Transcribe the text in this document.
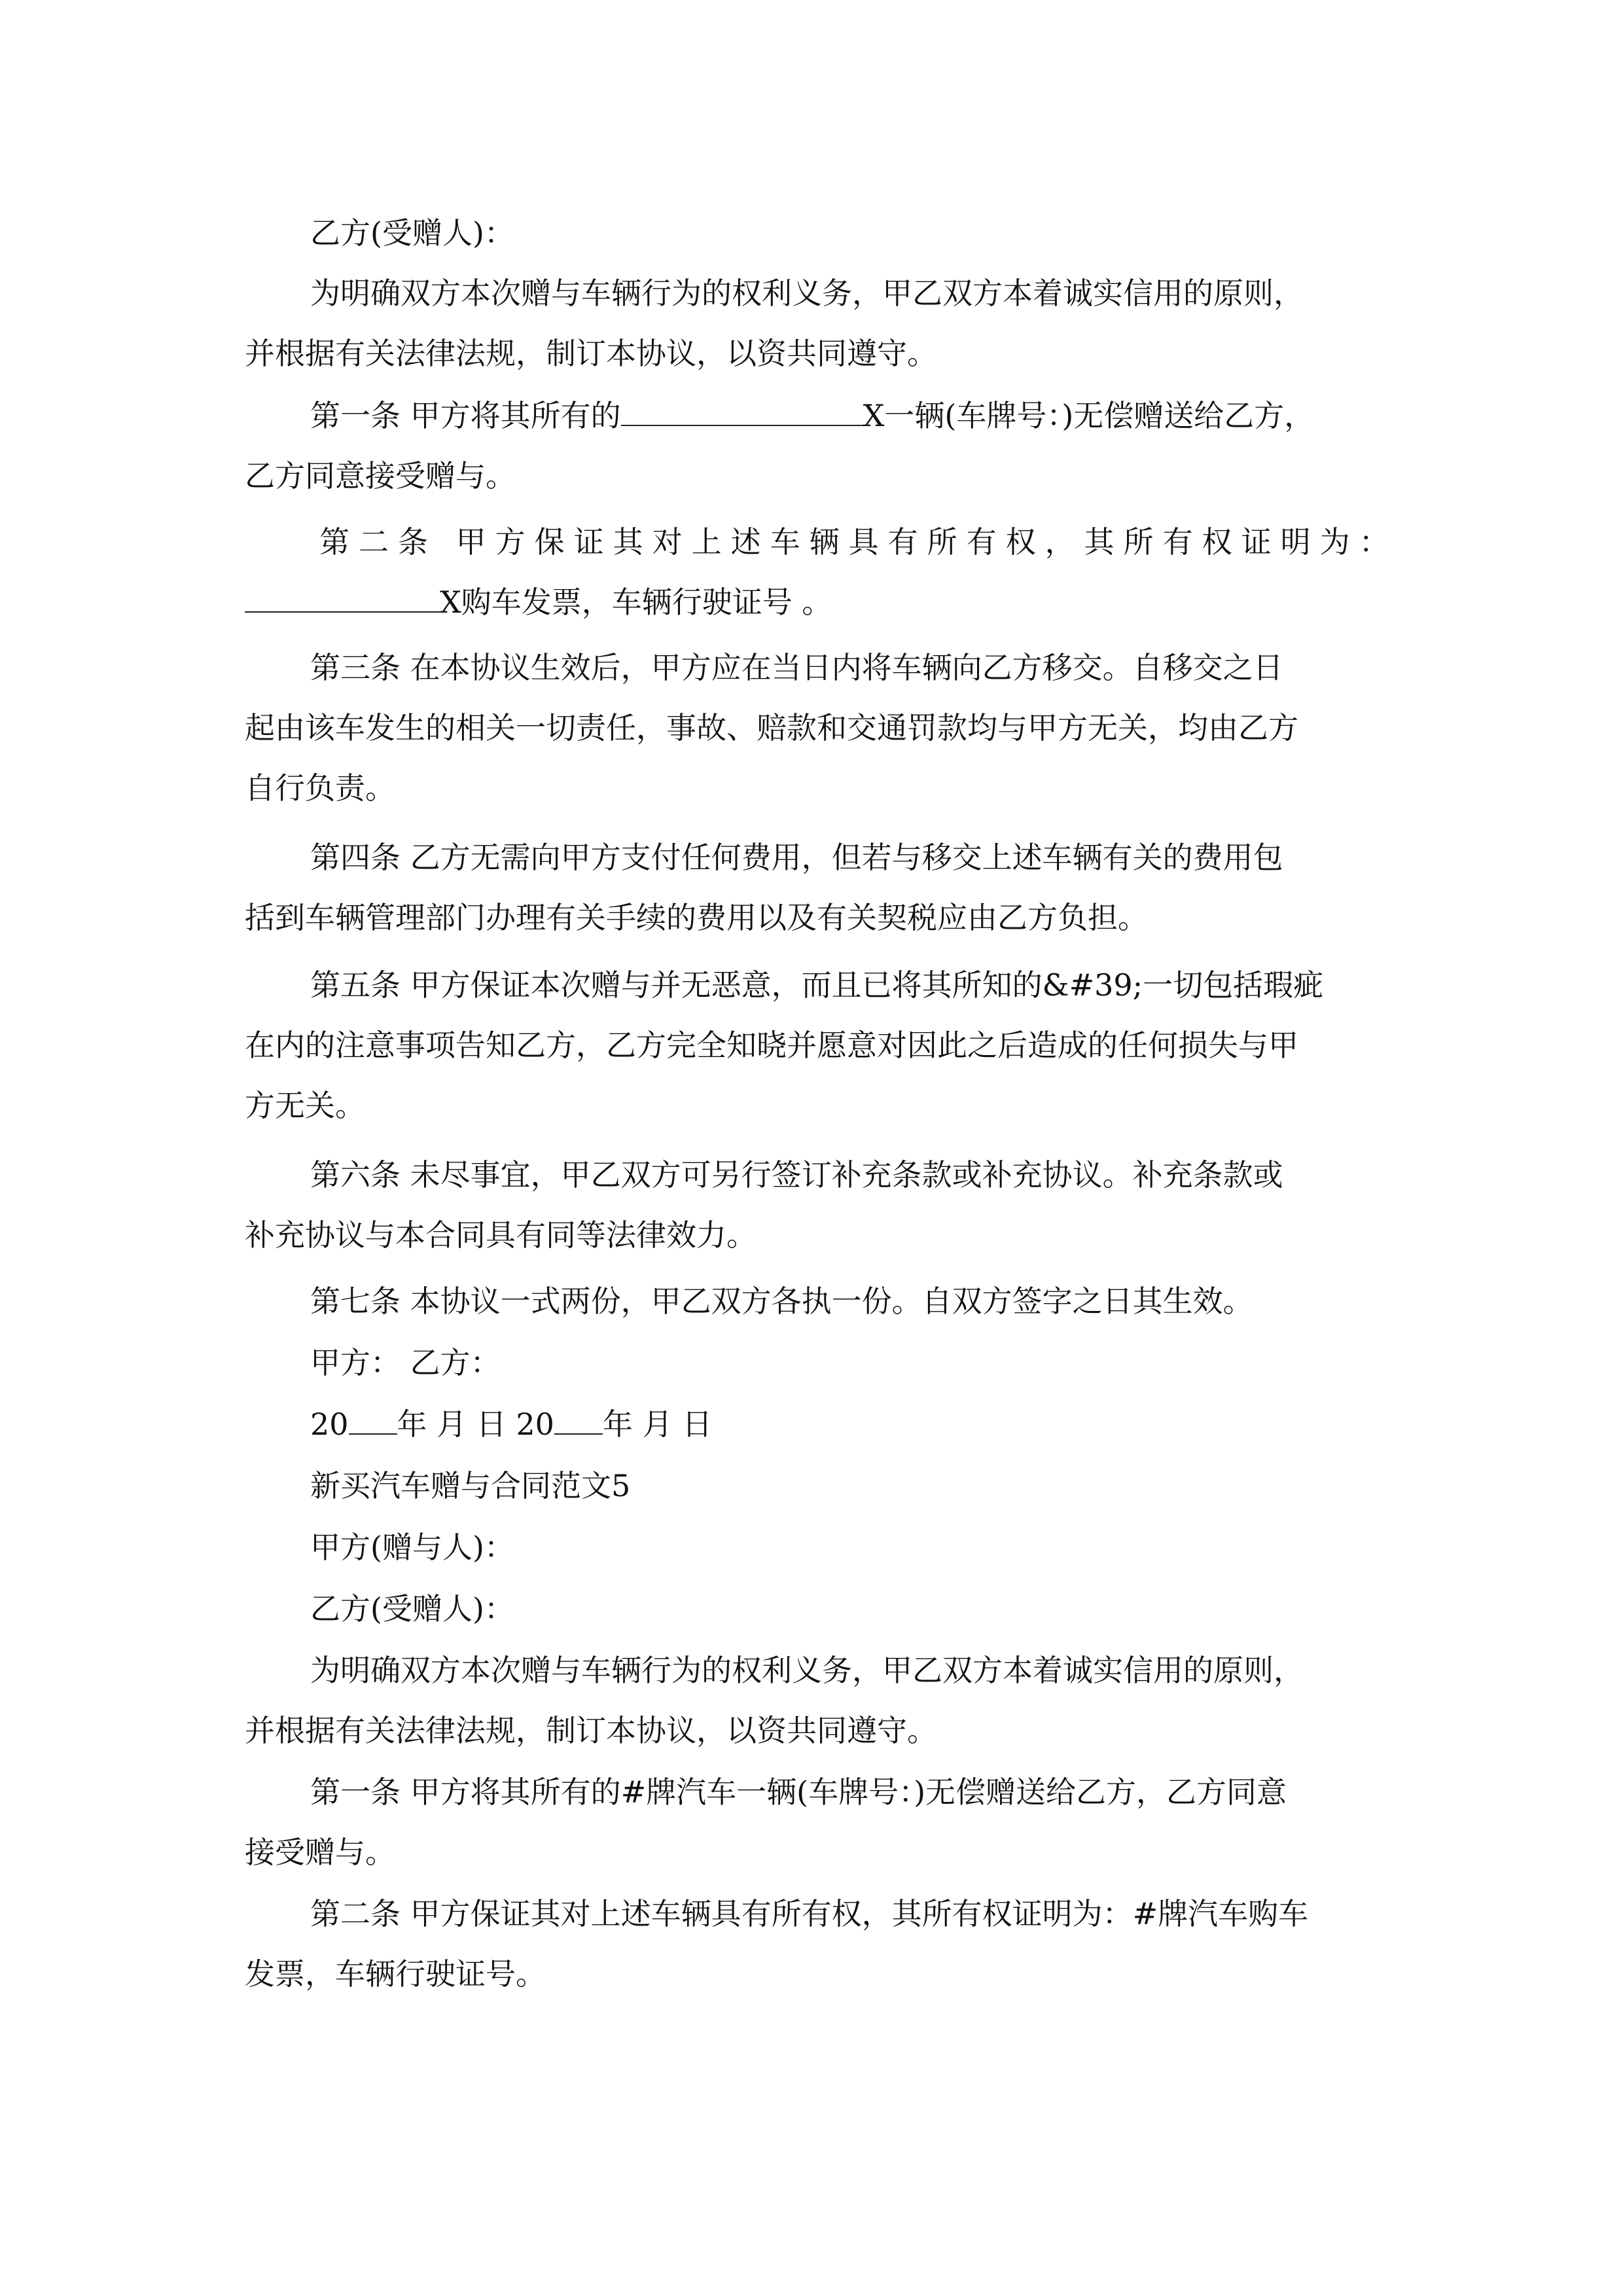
乙方(受赠人)：
为明确双方本次赠与车辆行为的权利义务，甲乙双方本着诚实信用的原则，
并根据有关法律法规，制订本协议，以资共同遵守。
第一条 甲方将其所有的	X一辆(车牌号：)无偿赠送给乙方，
乙方同意接受赠与。
第二条 甲方保证其对上述车辆具有所有权，其所有权证明为：
X购车发票，车辆行驶证号 。
第三条 在本协议生效后，甲方应在当日内将车辆向乙方移交。自移交之日
起由该车发生的相关一切责任，事故、赔款和交通罚款均与甲方无关，均由乙方
自行负责。
第四条 乙方无需向甲方支付任何费用，但若与移交上述车辆有关的费用包
括到车辆管理部门办理有关手续的费用以及有关契税应由乙方负担。
第五条 甲方保证本次赠与并无恶意，而且已将其所知的&#39;一切包括瑕疵
在内的注意事项告知乙方，乙方完全知晓并愿意对因此之后造成的任何损失与甲
方无关。
第六条 未尽事宜，甲乙双方可另行签订补充条款或补充协议。补充条款或
补充协议与本合同具有同等法律效力。
第七条 本协议一式两份，甲乙双方各执一份。自双方签字之日其生效。
甲方： 乙方：
20 年 月 日 20 年 月 日
新买汽车赠与合同范文5
甲方(赠与人)：
乙方(受赠人)：
为明确双方本次赠与车辆行为的权利义务，甲乙双方本着诚实信用的原则，
并根据有关法律法规，制订本协议，以资共同遵守。
第一条 甲方将其所有的#牌汽车一辆(车牌号：)无偿赠送给乙方，乙方同意
接受赠与。
第二条 甲方保证其对上述车辆具有所有权，其所有权证明为：#牌汽车购车
发票，车辆行驶证号。
